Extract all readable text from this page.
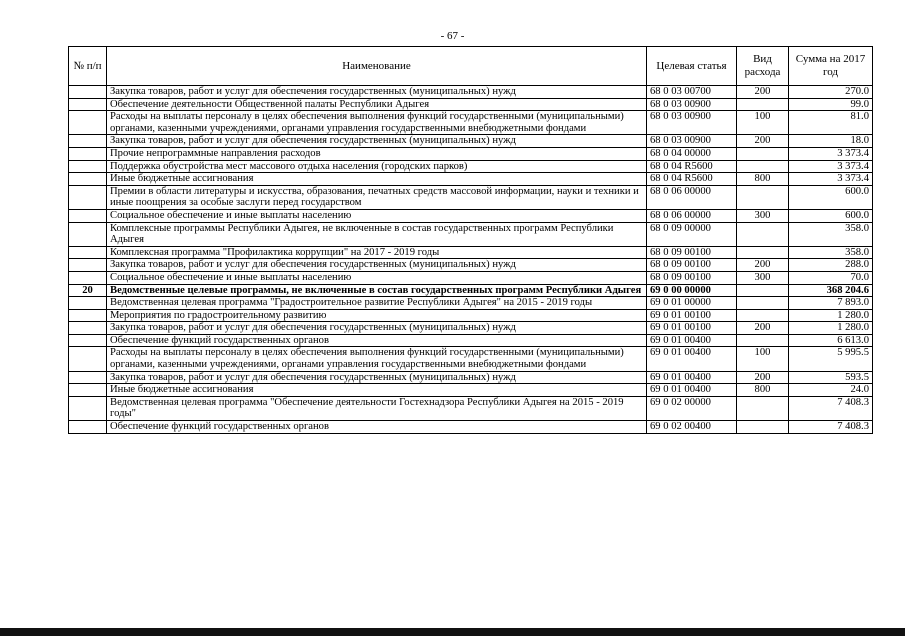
- 67 -
№ п/п	Наименование	Целевая статья	Вид расхода	Сумма на 2017 год
	Закупка товаров, работ и услуг для обеспечения государственных (муниципальных) нужд	68 0 03 00700	200	270.0
	Обеспечение деятельности Общественной палаты Республики Адыгея	68 0 03 00900		99.0
	Расходы на выплаты персоналу в целях обеспечения выполнения функций государственными (муниципальными) органами, казенными учреждениями, органами управления государственными внебюджетными фондами	68 0 03 00900	100	81.0
	Закупка товаров, работ и услуг для обеспечения государственных (муниципальных) нужд	68 0 03 00900	200	18.0
	Прочие непрограммные направления расходов	68 0 04 00000		3 373.4
	Поддержка обустройства мест массового отдыха населения (городских парков)	68 0 04 R5600		3 373.4
	Иные бюджетные ассигнования	68 0 04 R5600	800	3 373.4
	Премии в области литературы и искусства, образования, печатных средств массовой информации, науки и техники и иные поощрения за особые заслуги перед государством	68 0 06 00000		600.0
	Социальное обеспечение и иные выплаты населению	68 0 06 00000	300	600.0
	Комплексные программы Республики Адыгея, не включенные в состав государственных программ Республики Адыгея	68 0 09 00000		358.0
	Комплексная программа "Профилактика коррупции" на 2017 - 2019 годы	68 0 09 00100		358.0
	Закупка товаров, работ и услуг для обеспечения государственных (муниципальных) нужд	68 0 09 00100	200	288.0
	Социальное обеспечение и иные выплаты населению	68 0 09 00100	300	70.0
20	Ведомственные целевые программы, не включенные в состав государственных программ Республики Адыгея	69 0 00 00000		368 204.6
	Ведомственная целевая программа "Градостроительное развитие Республики Адыгея" на 2015 - 2019 годы	69 0 01 00000		7 893.0
	Мероприятия по градостроительному развитию	69 0 01 00100		1 280.0
	Закупка товаров, работ и услуг для обеспечения государственных (муниципальных) нужд	69 0 01 00100	200	1 280.0
	Обеспечение функций государственных органов	69 0 01 00400		6 613.0
	Расходы на выплаты персоналу в целях обеспечения выполнения функций государственными (муниципальными) органами, казенными учреждениями, органами управления государственными внебюджетными фондами	69 0 01 00400	100	5 995.5
	Закупка товаров, работ и услуг для обеспечения государственных (муниципальных) нужд	69 0 01 00400	200	593.5
	Иные бюджетные ассигнования	69 0 01 00400	800	24.0
	Ведомственная целевая программа "Обеспечение деятельности Гостехнадзора Республики Адыгея на 2015 - 2019 годы"	69 0 02 00000		7 408.3
	Обеспечение функций государственных органов	69 0 02 00400		7 408.3
